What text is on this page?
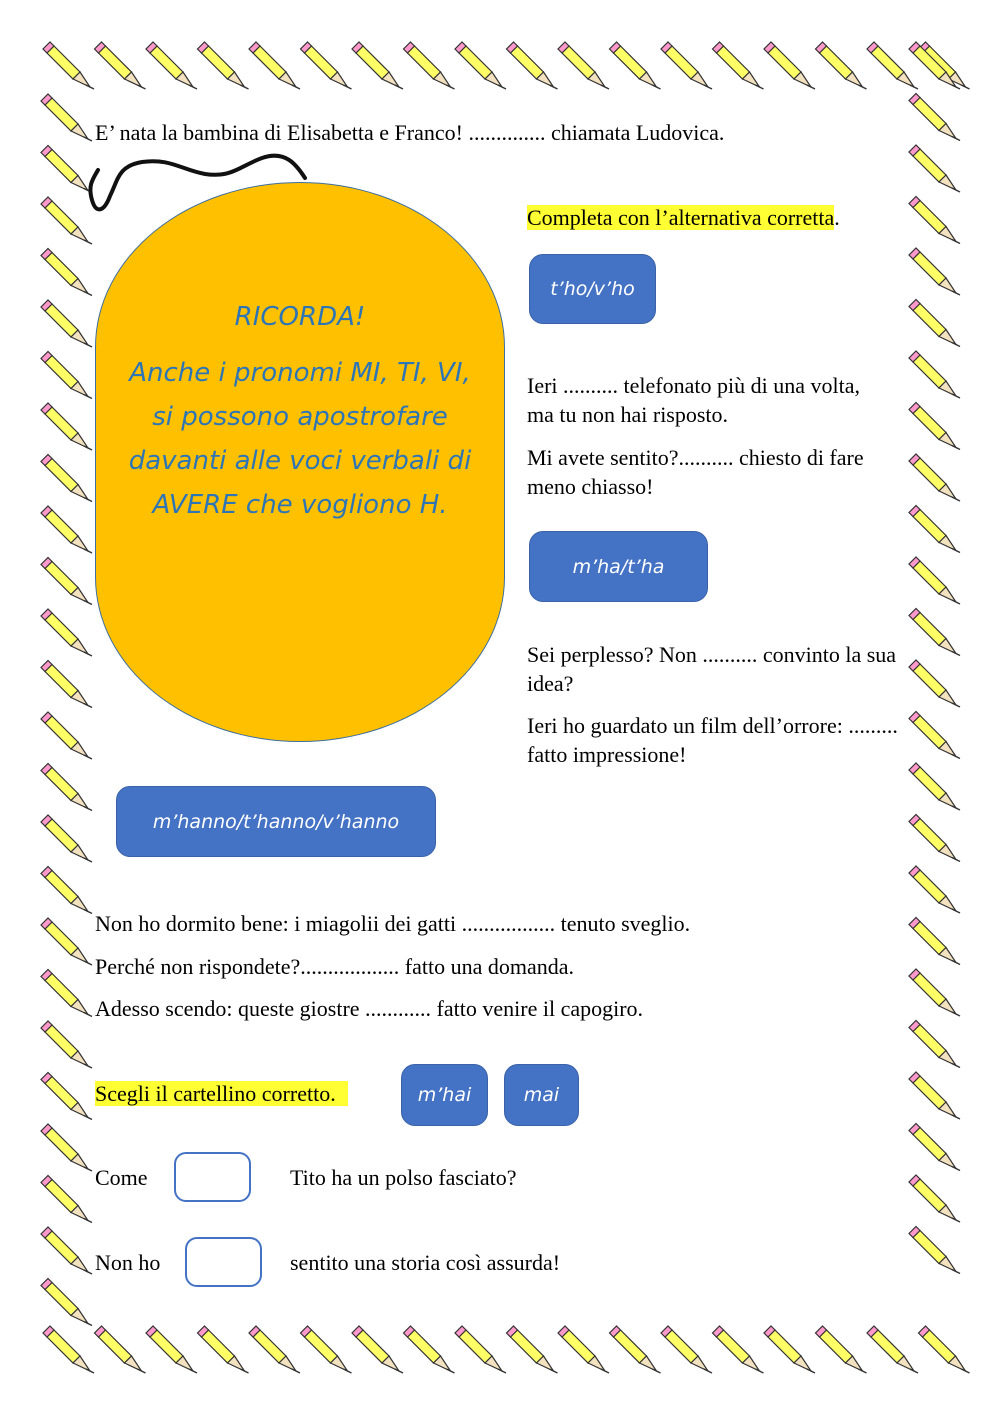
E’ nata la bambina di Elisabetta e Franco! .............. chiamata Ludovica.
RICORDA!
Anche i pronomi MI, TI, VI, si possono apostrofare davanti alle voci verbali di AVERE che vogliono H.
Completa con l’alternativa corretta.
t’ho/v’ho
Ieri .......... telefonato più di una volta, ma tu non hai risposto.
Mi avete sentito?.......... chiesto di fare meno chiasso!
m’ha/t’ha
Sei perplesso? Non .......... convinto la sua idea?
Ieri ho guardato un film dell’orrore: ......... fatto impressione!
m’hanno/t’hanno/v’hanno
Non ho dormito bene: i miagolii dei gatti ................. tenuto sveglio.
Perché non rispondete?.................. fatto una domanda.
Adesso scendo: queste giostre ............ fatto venire il capogiro.
Scegli il cartellino corretto.	m’hai	mai
Come	Tito ha un polso fasciato?
Non ho	sentito una storia così assurda!
